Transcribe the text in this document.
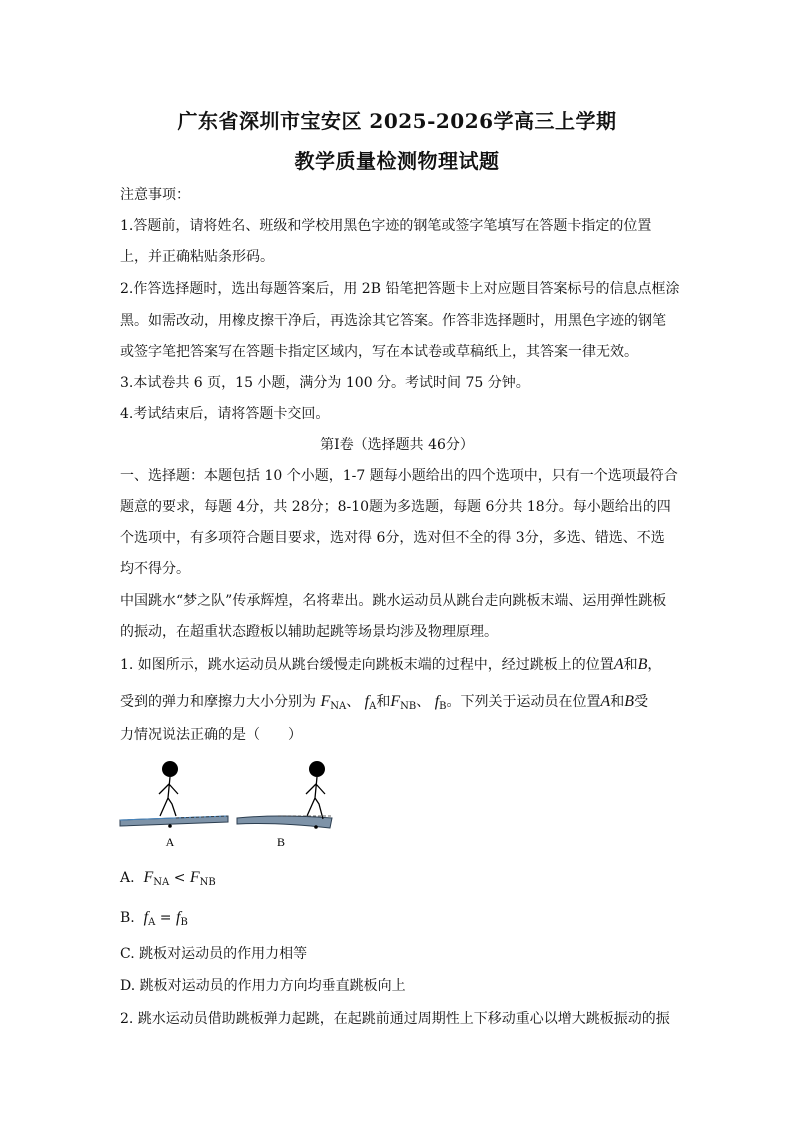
广东省深圳市宝安区 2025-2026学高三上学期
教学质量检测物理试题
注意事项：
1.答题前，请将姓名、班级和学校用黑色字迹的钢笔或签字笔填写在答题卡指定的位置
上，并正确粘贴条形码。
2.作答选择题时，选出每题答案后，用 2B 铅笔把答题卡上对应题目答案标号的信息点框涂
黑。如需改动，用橡皮擦干净后，再选涂其它答案。作答非选择题时，用黑色字迹的钢笔
或签字笔把答案写在答题卡指定区域内，写在本试卷或草稿纸上，其答案一律无效。
3.本试卷共 6 页，15 小题，满分为 100 分。考试时间 75 分钟。
4.考试结束后，请将答题卡交回。
第Ⅰ卷（选择题共 46分）
一、选择题：本题包括 10 个小题，1-7 题每小题给出的四个选项中，只有一个选项最符合
题意的要求，每题 4分，共 28分；8-10题为多选题，每题 6分共 18分。每小题给出的四
个选项中，有多项符合题目要求，选对得 6分，选对但不全的得 3分，多选、错选、不选
均不得分。
中国跳水“梦之队”传承辉煌，名将辈出。跳水运动员从跳台走向跳板末端、运用弹性跳板
的振动，在超重状态蹬板以辅助起跳等场景均涉及物理原理。
1. 如图所示，跳水运动员从跳台缓慢走向跳板末端的过程中，经过跳板上的位置A和B，
受到的弹力和摩擦力大小分别为 $F_{NA}$、 $f_A$和$F_{NB}$、 $f_B$。下列关于运动员在位置A和B受
力情况说法正确的是（　　）
A	B
A. $F_{NA} < F_{NB}$
B. $f_A = f_B$
C. 跳板对运动员的作用力相等
D. 跳板对运动员的作用力方向均垂直跳板向上
2. 跳水运动员借助跳板弹力起跳，在起跳前通过周期性上下移动重心以增大跳板振动的振
